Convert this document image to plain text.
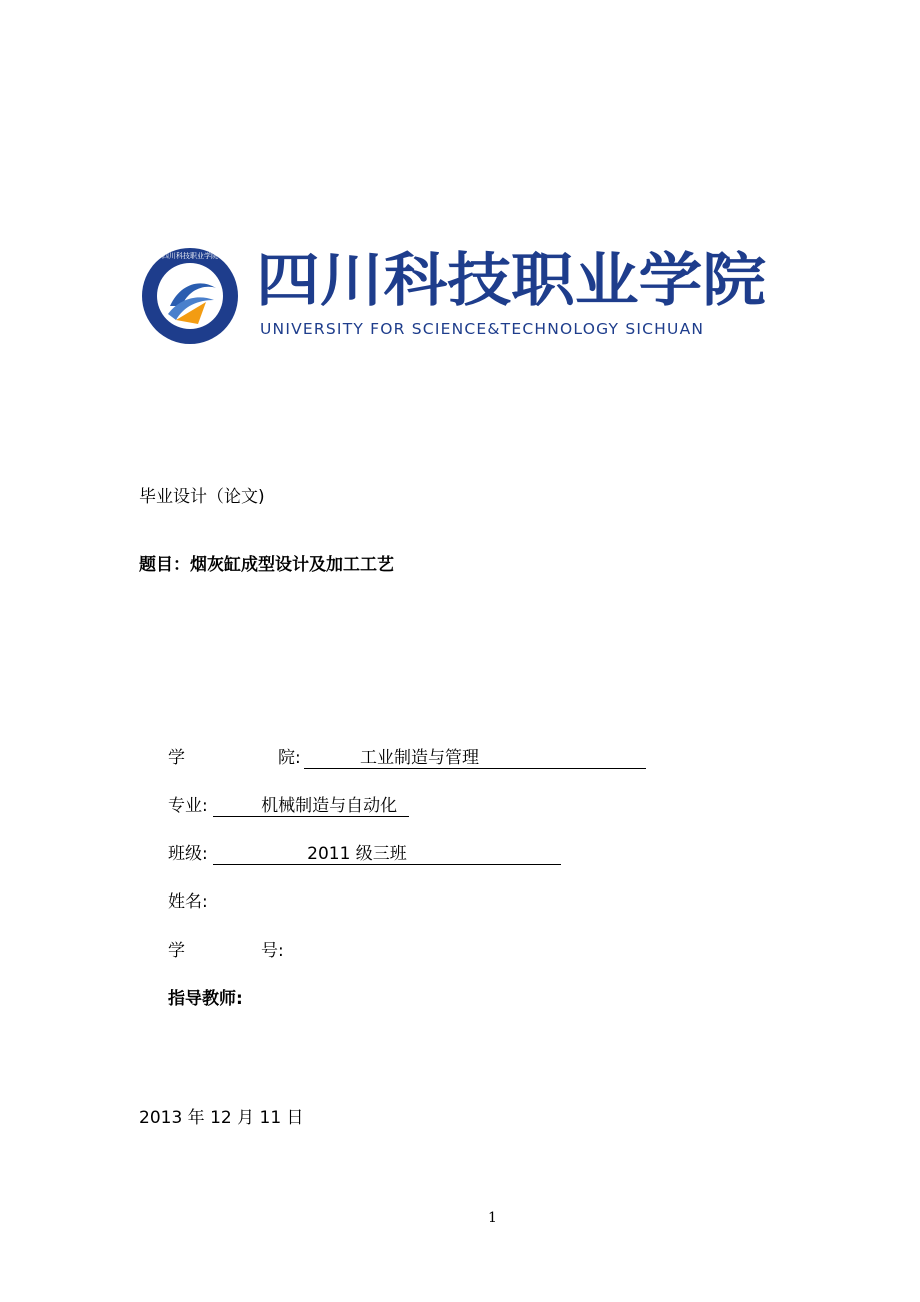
四川科技职业学院 四川科技职业学院
UNIVERSITY FOR SCIENCE&TECHNOLOGY SICHUAN
毕业设计（论文)
题目：烟灰缸成型设计及加工工艺
学	院:	工业制造与管理
专业:	机械制造与自动化
班级:	2011 级三班
姓名:
学	号:
指导教师:
2013 年 12 月 11 日
1
